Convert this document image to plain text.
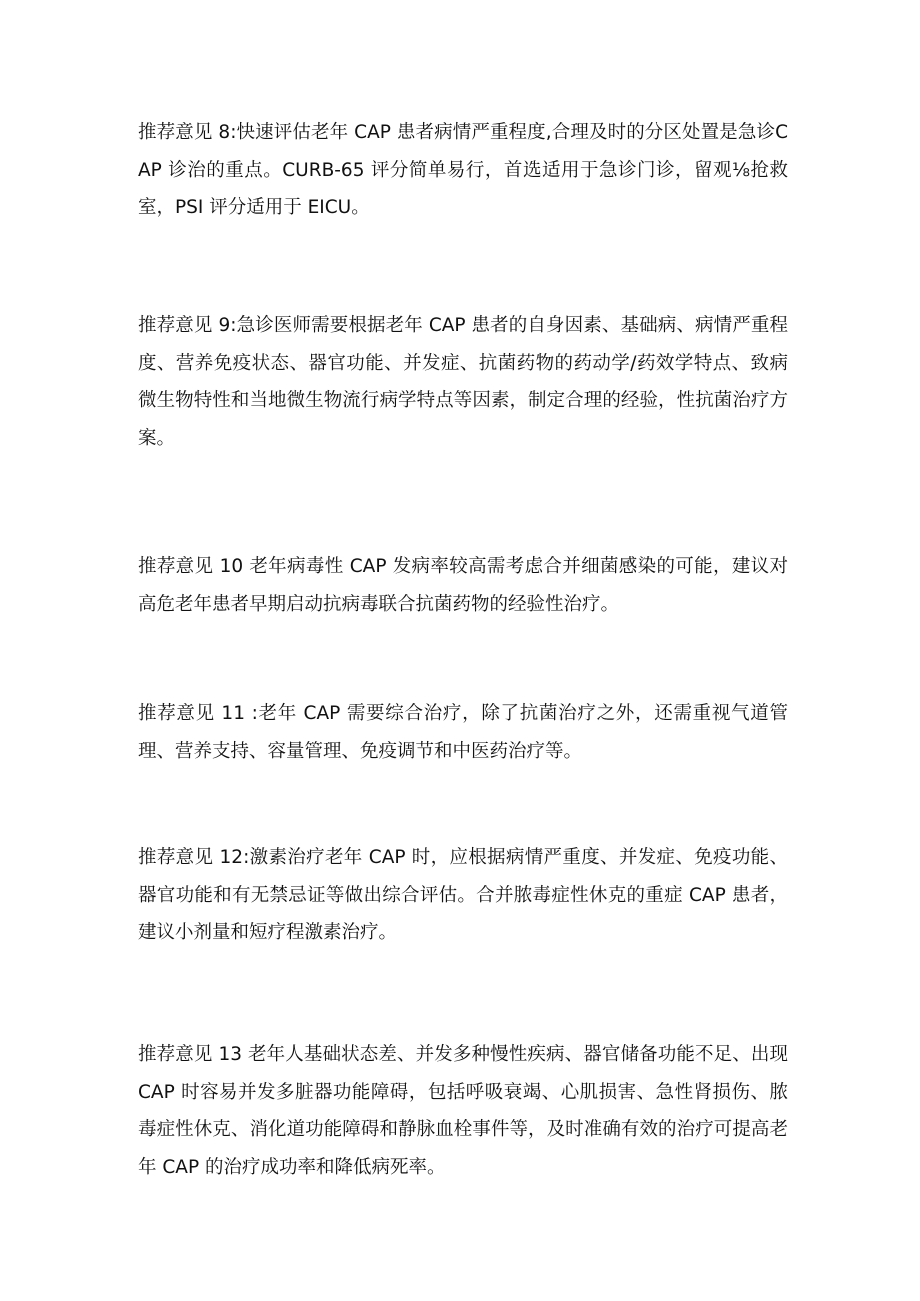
推荐意见 8:快速评估老年 CAP 患者病情严重程度,合理及时的分区处置是急诊CAP 诊治的重点。CURB-65 评分简单易行，首选适用于急诊门诊，留观⅛抢救室，PSI 评分适用于 EICU。

推荐意见 9:急诊医师需要根据老年 CAP 患者的自身因素、基础病、病情严重程度、营养免疫状态、器官功能、并发症、抗菌药物的药动学/药效学特点、致病微生物特性和当地微生物流行病学特点等因素，制定合理的经验，性抗菌治疗方案。

推荐意见 10 老年病毒性 CAP 发病率较高需考虑合并细菌感染的可能，建议对高危老年患者早期启动抗病毒联合抗菌药物的经验性治疗。

推荐意见 11 :老年 CAP 需要综合治疗，除了抗菌治疗之外，还需重视气道管理、营养支持、容量管理、免疫调节和中医药治疗等。

推荐意见 12:激素治疗老年 CAP 时，应根据病情严重度、并发症、免疫功能、器官功能和有无禁忌证等做出综合评估。合并脓毒症性休克的重症 CAP 患者，建议小剂量和短疗程激素治疗。

推荐意见 13 老年人基础状态差、并发多种慢性疾病、器官储备功能不足、出现CAP 时容易并发多脏器功能障碍，包括呼吸衰竭、心肌损害、急性肾损伤、脓毒症性休克、消化道功能障碍和静脉血栓事件等，及时准确有效的治疗可提高老年 CAP 的治疗成功率和降低病死率。
